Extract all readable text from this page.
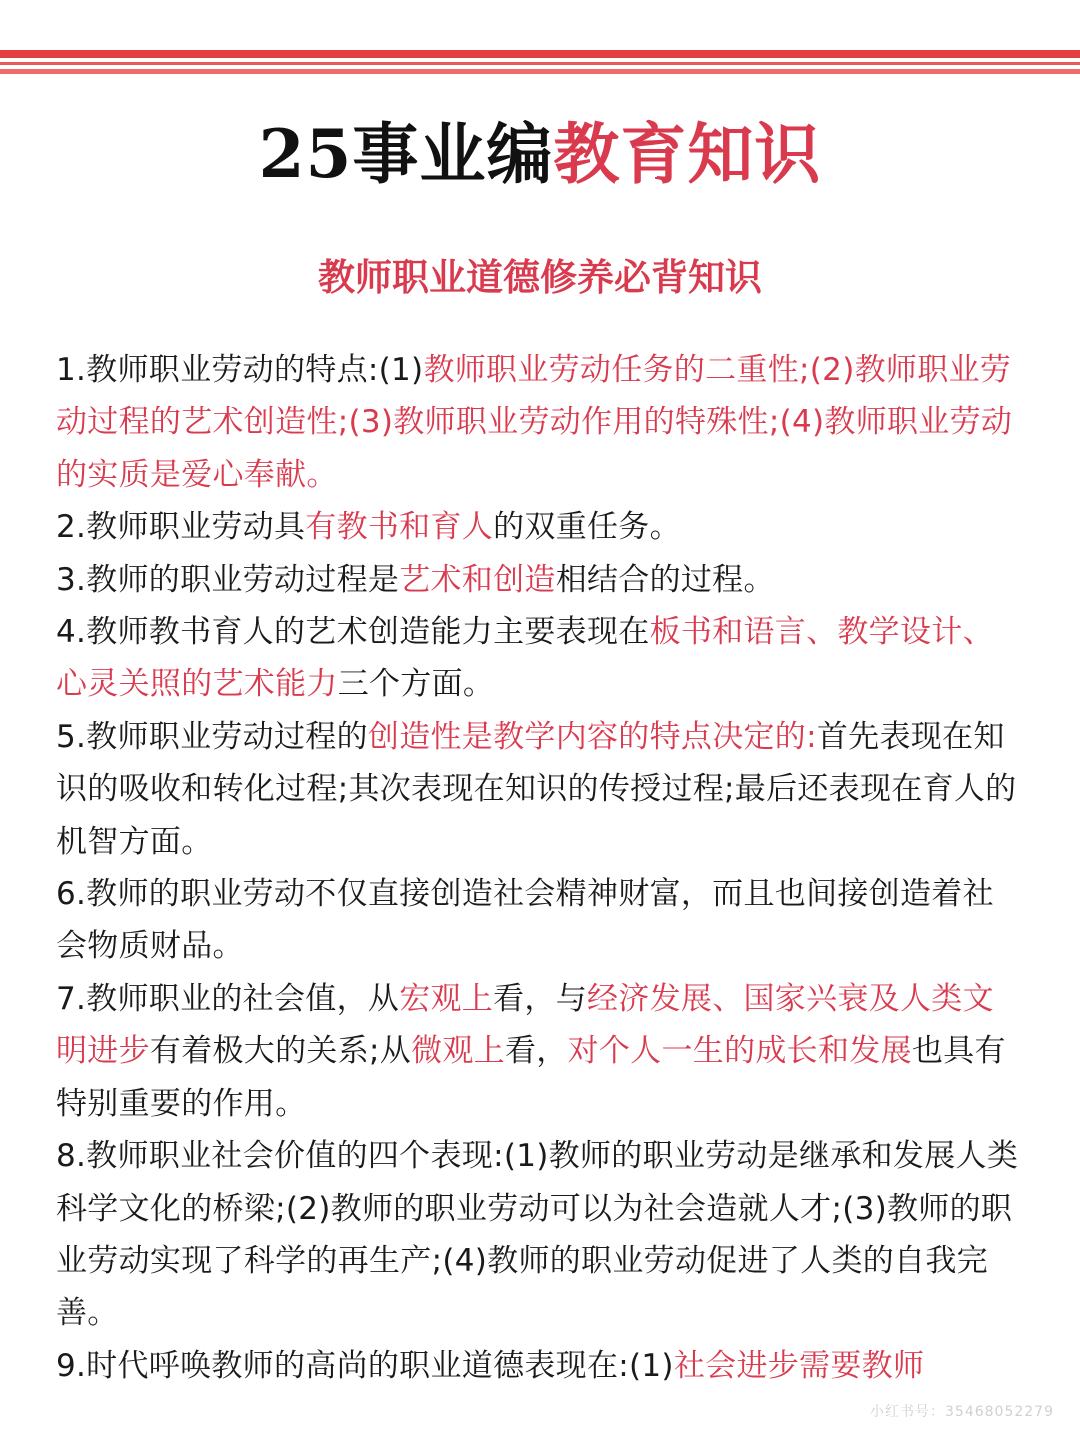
25事业编教育知识
教师职业道德修养必背知识

1.教师职业劳动的特点:(1)教师职业劳动任务的二重性;(2)教师职业劳动过程的艺术创造性;(3)教师职业劳动作用的特殊性;(4)教师职业劳动的实质是爱心奉献。

2.教师职业劳动具有教书和育人的双重任务。

3.教师的职业劳动过程是艺术和创造相结合的过程。

4.教师教书育人的艺术创造能力主要表现在板书和语言、教学设计、心灵关照的艺术能力三个方面。

5.教师职业劳动过程的创造性是教学内容的特点决定的:首先表现在知识的吸收和转化过程;其次表现在知识的传授过程;最后还表现在育人的机智方面。

6.教师的职业劳动不仅直接创造社会精神财富，而且也间接创造着社会物质财品。

7.教师职业的社会值，从宏观上看，与经济发展、国家兴衰及人类文明进步有着极大的关系;从微观上看，对个人一生的成长和发展也具有特别重要的作用。

8.教师职业社会价值的四个表现:(1)教师的职业劳动是继承和发展人类科学文化的桥梁;(2)教师的职业劳动可以为社会造就人才;(3)教师的职业劳动实现了科学的再生产;(4)教师的职业劳动促进了人类的自我完善。

9.时代呼唤教师的高尚的职业道德表现在:(1)社会进步需要教师

小红书号：35468052279
